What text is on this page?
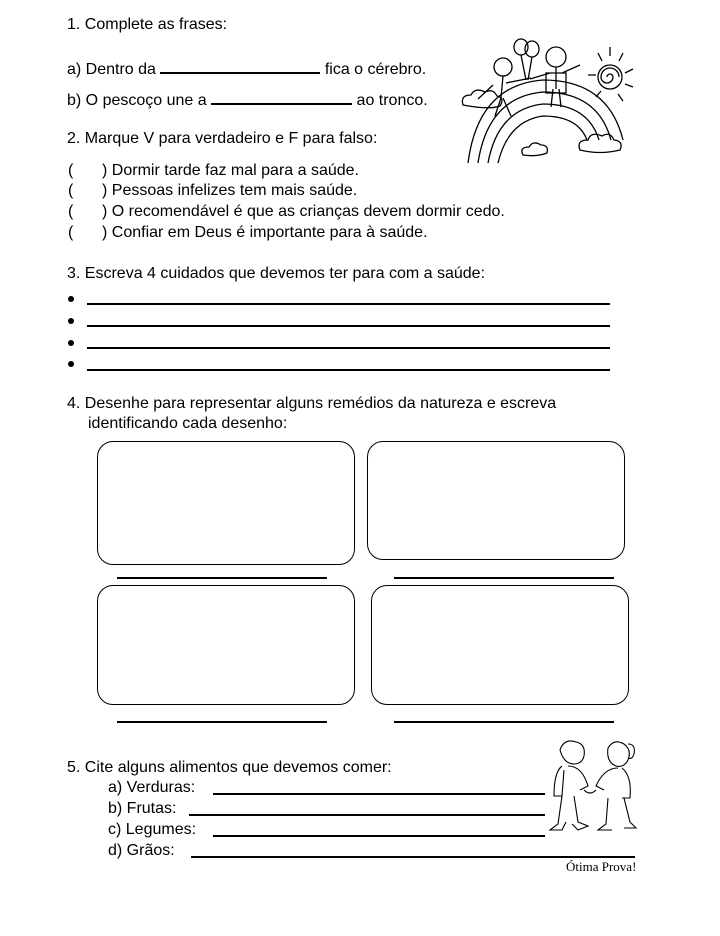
1. Complete as frases:
a) Dentro da	fica o cérebro.
b) O pescoço une a	ao tronco.
2. Marque V para verdadeiro e F para falso:
( ) Dormir tarde faz mal para a saúde.
( ) Pessoas infelizes tem mais saúde.
( ) O recomendável é que as crianças devem dormir cedo.
( ) Confiar em Deus é importante para à saúde.
3. Escreva 4 cuidados que devemos ter para com a saúde:
4. Desenhe para representar alguns remédios da natureza e escreva
identificando cada desenho:
5. Cite alguns alimentos que devemos comer:
a) Verduras:
b) Frutas:
c) Legumes:
d) Grãos:
Ótima Prova!
